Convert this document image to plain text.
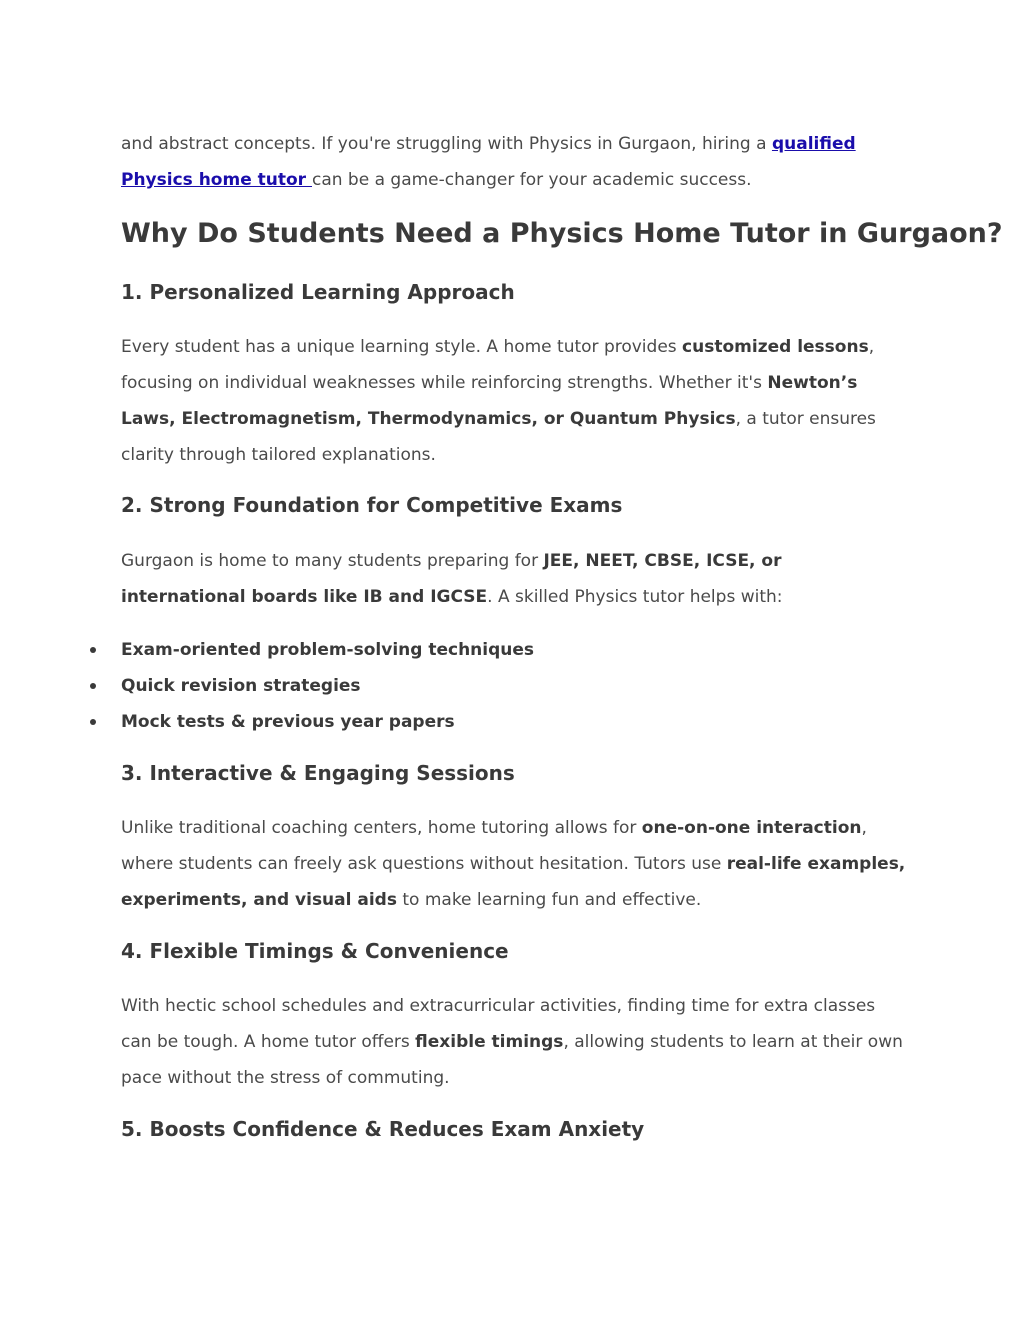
and abstract concepts. If you're struggling with Physics in Gurgaon, hiring a qualified
Physics home tutor can be a game-changer for your academic success.

Why Do Students Need a Physics Home Tutor in Gurgaon?
1. Personalized Learning Approach

Every student has a unique learning style. A home tutor provides customized lessons, focusing on individual weaknesses while reinforcing strengths. Whether it's Newton’s Laws, Electromagnetism, Thermodynamics, or Quantum Physics, a tutor ensures clarity through tailored explanations.

2. Strong Foundation for Competitive Exams

Gurgaon is home to many students preparing for JEE, NEET, CBSE, ICSE, or international boards like IB and IGCSE. A skilled Physics tutor helps with:

Exam-oriented problem-solving techniques
Quick revision strategies
Mock tests & previous year papers
3. Interactive & Engaging Sessions

Unlike traditional coaching centers, home tutoring allows for one-on-one interaction, where students can freely ask questions without hesitation. Tutors use real-life examples, experiments, and visual aids to make learning fun and effective.

4. Flexible Timings & Convenience

With hectic school schedules and extracurricular activities, finding time for extra classes can be tough. A home tutor offers flexible timings, allowing students to learn at their own pace without the stress of commuting.

5. Boosts Confidence & Reduces Exam Anxiety
